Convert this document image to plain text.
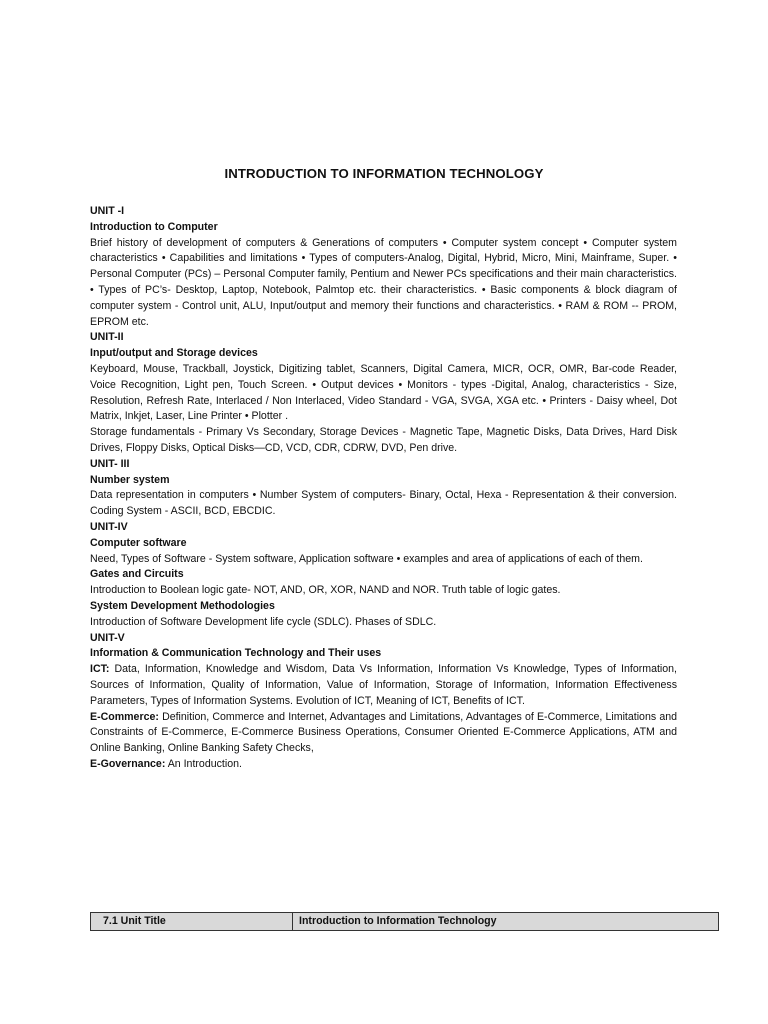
INTRODUCTION TO INFORMATION TECHNOLOGY

UNIT -I

Introduction to Computer

Brief history of development of computers & Generations of computers • Computer system concept • Computer system characteristics • Capabilities and limitations • Types of computers-Analog, Digital, Hybrid, Micro, Mini, Mainframe, Super. • Personal Computer (PCs) – Personal Computer family, Pentium and Newer PCs specifications and their main characteristics. • Types of PC’s- Desktop, Laptop, Notebook, Palmtop etc. their characteristics. • Basic components & block diagram of computer system - Control unit, ALU, Input/output and memory their functions and characteristics. • RAM & ROM -- PROM, EPROM etc.

UNIT-II

Input/output and Storage devices

Keyboard, Mouse, Trackball, Joystick, Digitizing tablet, Scanners, Digital Camera, MICR, OCR, OMR, Bar-code Reader, Voice Recognition, Light pen, Touch Screen. • Output devices • Monitors - types -Digital, Analog, characteristics - Size, Resolution, Refresh Rate, Interlaced / Non Interlaced, Video Standard - VGA, SVGA, XGA etc. • Printers - Daisy wheel, Dot Matrix, Inkjet, Laser, Line Printer • Plotter .

Storage fundamentals - Primary Vs Secondary, Storage Devices - Magnetic Tape, Magnetic Disks, Data Drives, Hard Disk Drives, Floppy Disks, Optical Disks—CD, VCD, CDR, CDRW, DVD, Pen drive.

UNIT- III

Number system

Data representation in computers • Number System of computers- Binary, Octal, Hexa - Representation & their conversion. Coding System - ASCII, BCD, EBCDIC.

UNIT-IV

Computer software

Need, Types of Software - System software, Application software • examples and area of applications of each of them.

Gates and Circuits

Introduction to Boolean logic gate- NOT, AND, OR, XOR, NAND and NOR. Truth table of logic gates.

System Development Methodologies

Introduction of Software Development life cycle (SDLC). Phases of SDLC.

UNIT-V

Information & Communication Technology and Their uses

ICT: Data, Information, Knowledge and Wisdom, Data Vs Information, Information Vs Knowledge, Types of Information, Sources of Information, Quality of Information, Value of Information, Storage of Information, Information Effectiveness Parameters, Types of Information Systems. Evolution of ICT, Meaning of ICT, Benefits of ICT.

E-Commerce: Definition, Commerce and Internet, Advantages and Limitations, Advantages of E-Commerce, Limitations and Constraints of E-Commerce, E-Commerce Business Operations, Consumer Oriented E-Commerce Applications, ATM and Online Banking, Online Banking Safety Checks,

E-Governance: An Introduction.

7.1 Unit Title	Introduction to Information Technology
